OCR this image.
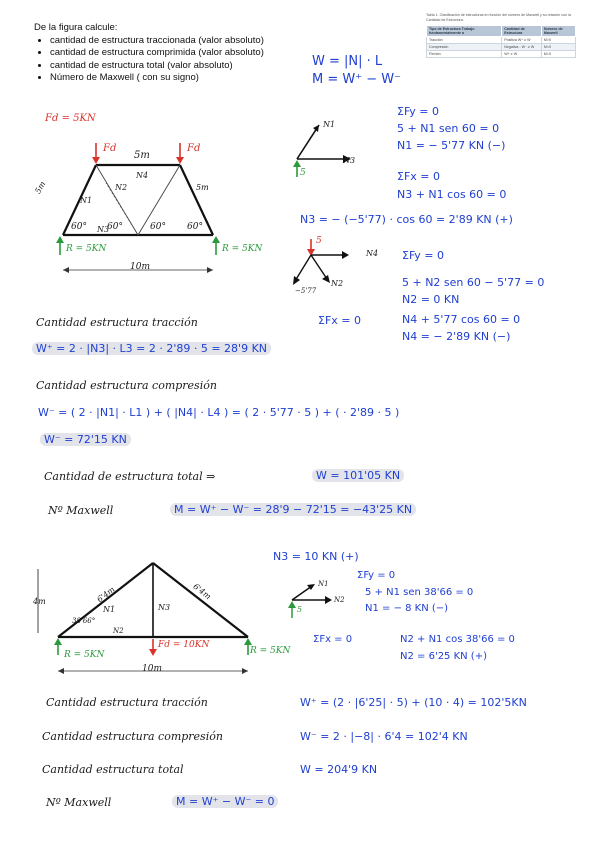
De la figura calcule:
• cantidad de estructura traccionada (valor absoluto)
• cantidad de estructura comprimida (valor absoluto)
• cantidad de estructura total (valor absoluto)
• Número de Maxwell ( con su signo)
Tabla 1. Clasificación de estructuras en función del número de Maxwell y su relación con la Cantidad de Estructura.
Tipo de Estructura Trabajo fundamentalmente a	Cantidad de Estructura	Número de Maxwell
Tracción	Positiva W⁺ ≥ W	M>0
Compresión	Negativa - W⁻ ≥ W	M<0
Flexión	W+ ≠ W	M=0
W = |N| · L
M = W⁺ − W⁻
Fd = 5KN
Fd	Fd
5m
5m	5m
N1
N2
N3
N4
60° 60°	60° 60°
R = 5KN	R = 5KN
10m
N1
N3
5
ΣFy = 0
5 + N1 sen 60 = 0
N1 = − 5'77 KN (−)
ΣFx = 0
N3 + N1 cos 60 = 0
N3 = − (−5'77) · cos 60 = 2'89 KN (+)
5
N4
N2
−5'77
ΣFy = 0
5 + N2 sen 60 − 5'77 = 0
N2 = 0 KN
ΣFx = 0	N4 + 5'77 cos 60 = 0
N4 = − 2'89 KN (−)
Cantidad estructura tracción
W⁺ = 2 · |N3| · L3 = 2 · 2'89 · 5 = 28'9 KN
Cantidad estructura compresión
W⁻ = ( 2 · |N1| · L1 ) + ( |N4| · L4 ) = ( 2 · 5'77 · 5 ) + ( · 2'89 · 5 )
W⁻ = 72'15 KN
Cantidad de estructura total ⇒	W = 101'05 KN
Nº Maxwell	M = W⁺ − W⁻ = 28'9 − 72'15 = −43'25 KN
4m	6'4m	6'4m
N1	N3
N2
38'66°
Fd = 10KN
R = 5KN	R = 5KN
10m
N3 = 10 KN (+)
N1
N2
5
ΣFy = 0
5 + N1 sen 38'66 = 0
N1 = − 8 KN (−)
ΣFx = 0	N2 + N1 cos 38'66 = 0
N2 = 6'25 KN (+)
Cantidad estructura tracción	W⁺ = (2 · |6'25| · 5) + (10 · 4) = 102'5KN
Cantidad estructura compresión	W⁻ = 2 · |−8| · 6'4 = 102'4 KN
Cantidad estructura total	W = 204'9 KN
Nº Maxwell	M = W⁺ − W⁻ = 0
